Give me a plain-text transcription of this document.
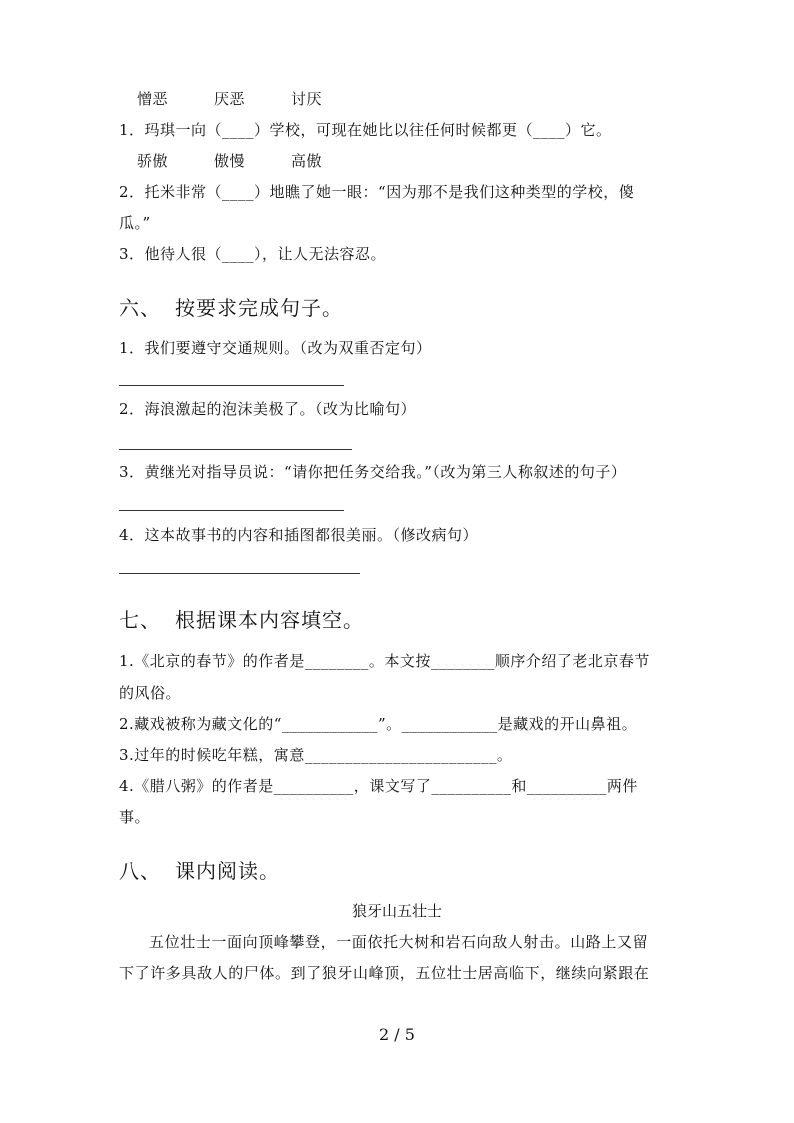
憎恶	厌恶	讨厌
1．玛琪一向（____）学校，可现在她比以往任何时候都更（____）它。
骄傲	傲慢	高傲
2．托米非常（____）地瞧了她一眼：“因为那不是我们这种类型的学校，傻
瓜。”
3．他待人很（____），让人无法容忍。
六、 按要求完成句子。
1．我们要遵守交通规则。（改为双重否定句）
2．海浪激起的泡沫美极了。（改为比喻句）
3．黄继光对指导员说：“请你把任务交给我。”（改为第三人称叙述的句子）
4．这本故事书的内容和插图都很美丽。（修改病句）
七、 根据课本内容填空。
1.《北京的春节》的作者是________。本文按________顺序介绍了老北京春节
的风俗。
2.藏戏被称为藏文化的“____________”。____________是藏戏的开山鼻祖。
3.过年的时候吃年糕，寓意________________________。
4.《腊八粥》的作者是__________，课文写了__________和__________两件
事。
八、 课内阅读。
狼牙山五壮士
五位壮士一面向顶峰攀登，一面依托大树和岩石向敌人射击。山路上又留
下了许多具敌人的尸体。到了狼牙山峰顶，五位壮士居高临下，继续向紧跟在
2 / 5
